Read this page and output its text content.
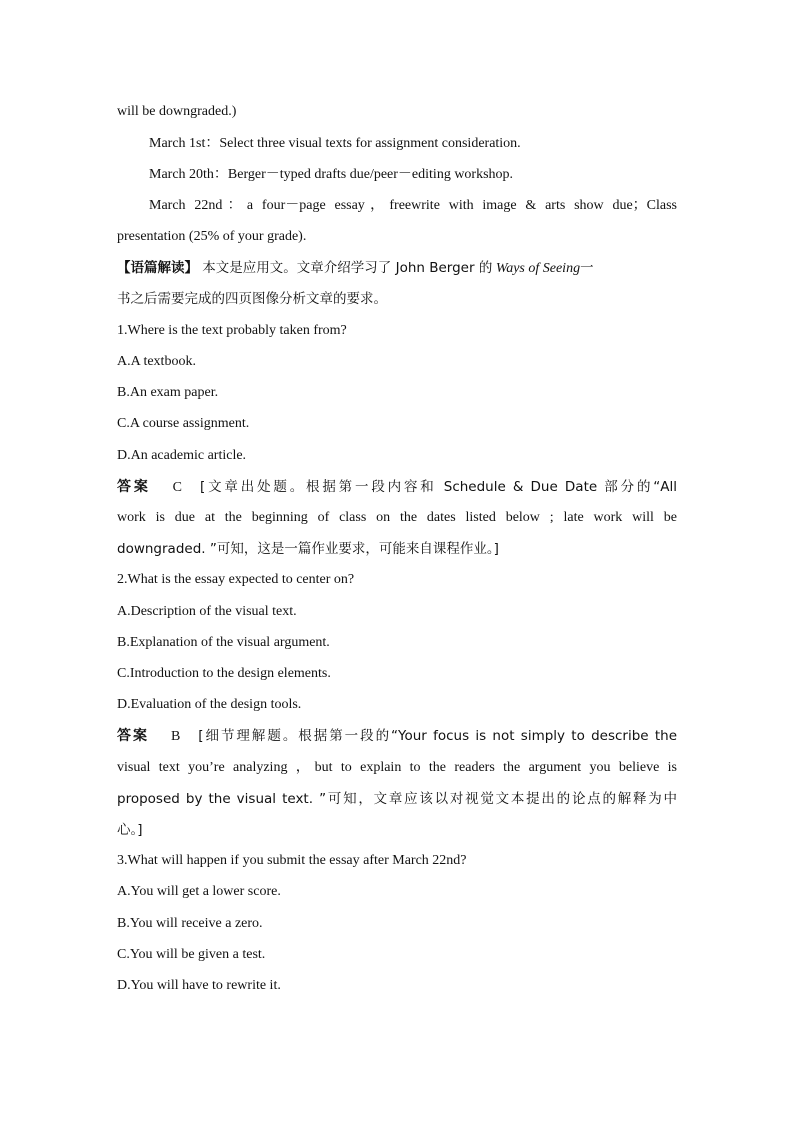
will be downgraded.)
March 1st：Select three visual texts for assignment consideration.
March 20th：Berger－typed drafts due/peer－editing workshop.
March 22nd：a four－page essay，freewrite with image & arts show due；Class
presentation (25% of your grade).
【语篇解读】 本文是应用文。文章介绍学习了 John Berger 的 Ways of Seeing一
书之后需要完成的四页图像分析文章的要求。
1.Where is the text probably taken from?
A.A textbook.
B.An exam paper.
C.A course assignment.
D.An academic article.
答案 C [文章出处题。根据第一段内容和 Schedule & Due Date 部分的“All
work is due at the beginning of class on the dates listed below ; late work will be
downgraded. ”可知，这是一篇作业要求，可能来自课程作业。]
2.What is the essay expected to center on?
A.Description of the visual text.
B.Explanation of the visual argument.
C.Introduction to the design elements.
D.Evaluation of the design tools.
答案 B [细节理解题。根据第一段的“Your focus is not simply to describe the
visual text you’re analyzing ，but to explain to the readers the argument you believe is
proposed by the visual text. ”可知，文章应该以对视觉文本提出的论点的解释为中
心。]
3.What will happen if you submit the essay after March 22nd?
A.You will get a lower score.
B.You will receive a zero.
C.You will be given a test.
D.You will have to rewrite it.
